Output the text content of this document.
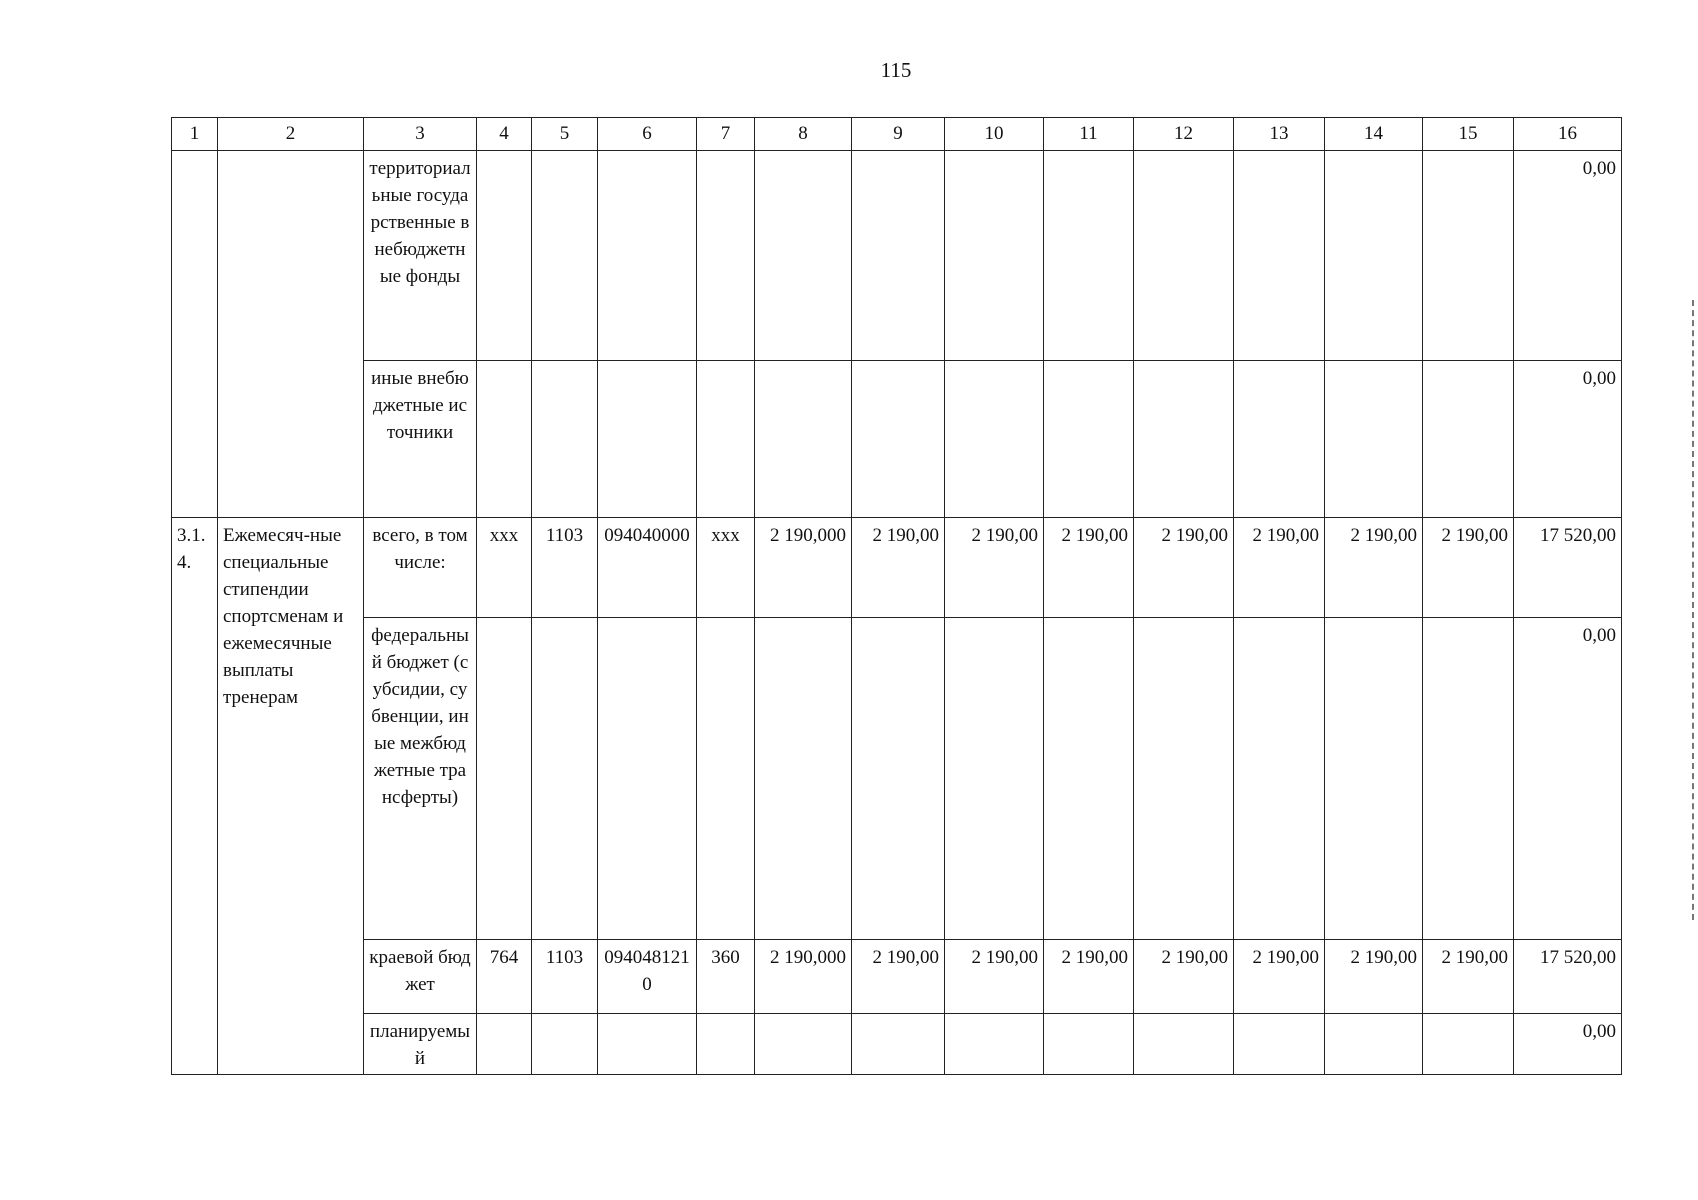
115
1	2	3	4	5	6	7	8	9	10	11	12	13	14	15	16
		территориальные государственные внебюджетные фонды													0,00
		иные внебюджетные источники													0,00
3.1.4.	Ежемесяч-ные специальные стипендии спортсменам и ежемесячные выплаты тренерам	всего, в том числе:	ххх	1103	094040000	ххх	2 190,000	2 190,00	2 190,00	2 190,00	2 190,00	2 190,00	2 190,00	2 190,00	17 520,00
		федеральный бюджет (субсидии, субвенции, иные межбюджетные трансферты)													0,00
		краевой бюджет	764	1103	0940481210	360	2 190,000	2 190,00	2 190,00	2 190,00	2 190,00	2 190,00	2 190,00	2 190,00	17 520,00
		планируемый													0,00
